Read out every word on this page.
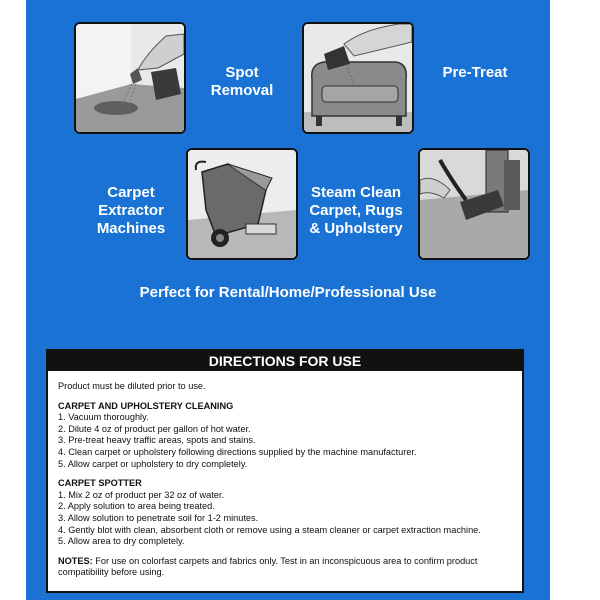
Spot
Removal
Pre-Treat
Carpet
Extractor
Machines
Steam Clean
Carpet, Rugs
& Upholstery
Perfect for Rental/Home/Professional Use
DIRECTIONS FOR USE

Product must be diluted prior to use.

CARPET AND UPHOLSTERY CLEANING

1. Vacuum thoroughly.

2. Dilute 4 oz of product per gallon of hot water.

3. Pre-treat heavy traffic areas, spots and stains.

4. Clean carpet or upholstery following directions supplied by the machine manufacturer.

5. Allow carpet or upholstery to dry completely.

CARPET SPOTTER

1. Mix 2 oz of product per 32 oz of water.

2. Apply solution to area being treated.

3. Allow solution to penetrate soil for 1-2 minutes.

4. Gently blot with clean, absorbent cloth or remove using a steam cleaner or carpet extraction machine.

5. Allow area to dry completely.

NOTES: For use on colorfast carpets and fabrics only. Test in an inconspicuous area to confirm product

compatibility before using.
